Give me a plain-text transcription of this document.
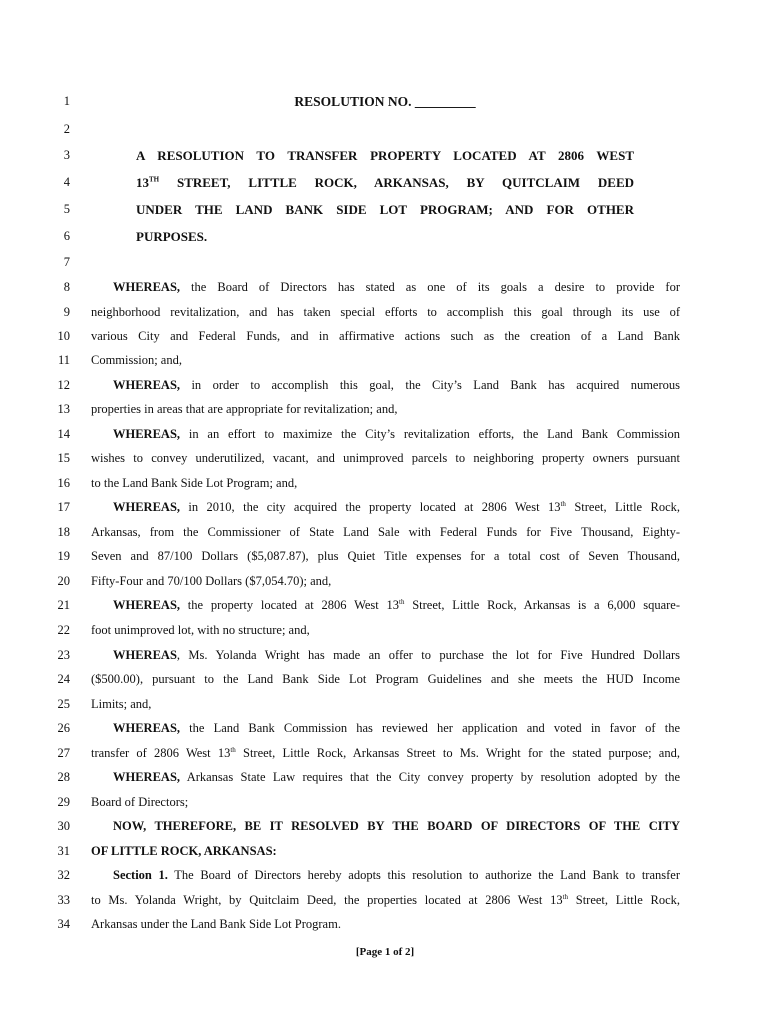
1
2
3
4
5
6
7
8
9
10
11
12
13
14
15
16
17
18
19
20
21
22
23
24
25
26
27
28
29
30
31
32
33
34
RESOLUTION NO. _________
A RESOLUTION TO TRANSFER PROPERTY LOCATED AT 2806 WEST
13TH STREET, LITTLE ROCK, ARKANSAS, BY QUITCLAIM DEED
UNDER THE LAND BANK SIDE LOT PROGRAM; AND FOR OTHER
PURPOSES.
WHEREAS, the Board of Directors has stated as one of its goals a desire to provide for
neighborhood revitalization, and has taken special efforts to accomplish this goal through its use of
various City and Federal Funds, and in affirmative actions such as the creation of a Land Bank
Commission; and,
WHEREAS, in order to accomplish this goal, the City’s Land Bank has acquired numerous
properties in areas that are appropriate for revitalization; and,
WHEREAS, in an effort to maximize the City’s revitalization efforts, the Land Bank Commission
wishes to convey underutilized, vacant, and unimproved parcels to neighboring property owners pursuant
to the Land Bank Side Lot Program; and,
WHEREAS, in 2010, the city acquired the property located at 2806 West 13th Street, Little Rock,
Arkansas, from the Commissioner of State Land Sale with Federal Funds for Five Thousand, Eighty-
Seven and 87/100 Dollars ($5,087.87), plus Quiet Title expenses for a total cost of Seven Thousand,
Fifty-Four and 70/100 Dollars ($7,054.70); and,
WHEREAS, the property located at 2806 West 13th Street, Little Rock, Arkansas is a 6,000 square-
foot unimproved lot, with no structure; and,
WHEREAS, Ms. Yolanda Wright has made an offer to purchase the lot for Five Hundred Dollars
($500.00), pursuant to the Land Bank Side Lot Program Guidelines and she meets the HUD Income
Limits; and,
WHEREAS, the Land Bank Commission has reviewed her application and voted in favor of the
transfer of 2806 West 13th Street, Little Rock, Arkansas Street to Ms. Wright for the stated purpose; and,
WHEREAS, Arkansas State Law requires that the City convey property by resolution adopted by the
Board of Directors;
NOW, THEREFORE, BE IT RESOLVED BY THE BOARD OF DIRECTORS OF THE CITY
OF LITTLE ROCK, ARKANSAS:
Section 1. The Board of Directors hereby adopts this resolution to authorize the Land Bank to transfer
to Ms. Yolanda Wright, by Quitclaim Deed, the properties located at 2806 West 13th Street, Little Rock,
Arkansas under the Land Bank Side Lot Program.
[Page 1 of 2]
